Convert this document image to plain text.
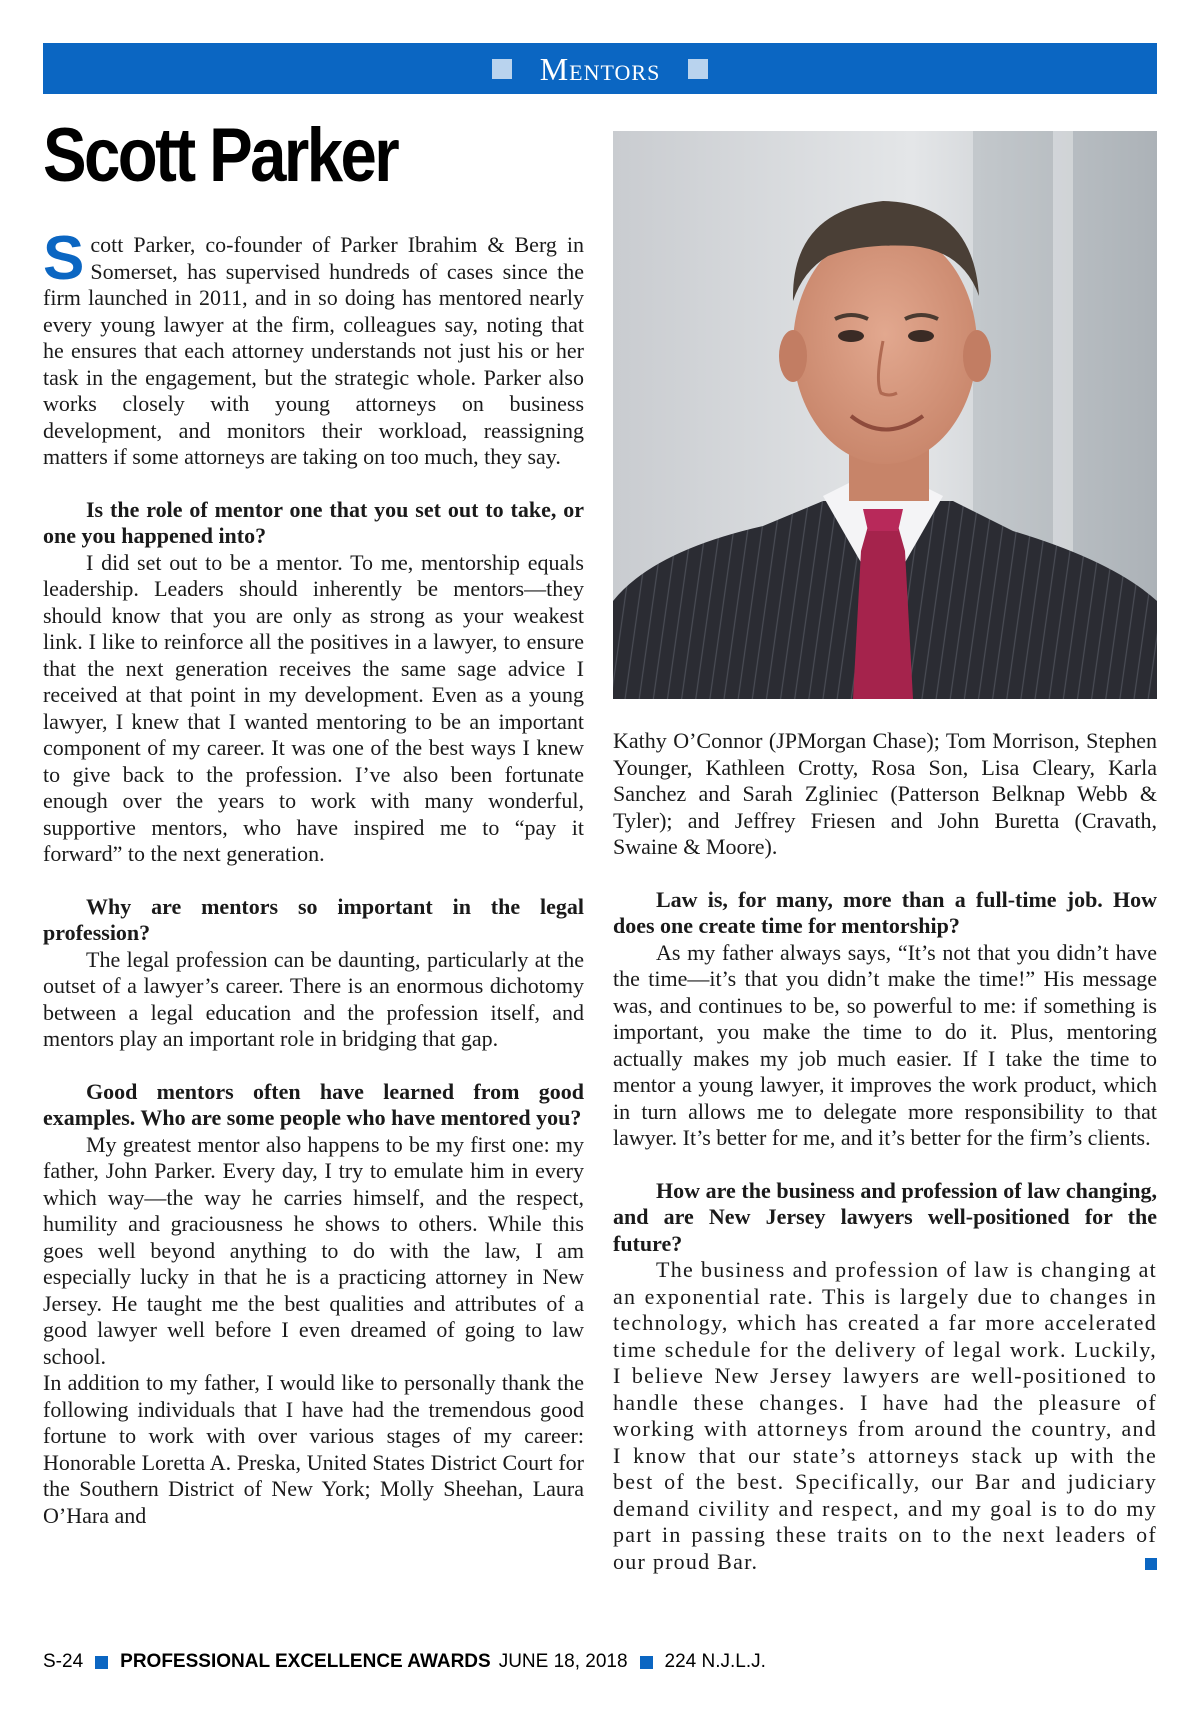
Mentors
Scott Parker

Scott Parker, co-founder of Parker Ibrahim & Berg in Somerset, has supervised hundreds of cases since the firm launched in 2011, and in so doing has mentored nearly every young lawyer at the firm, colleagues say, noting that he ensures that each attorney understands not just his or her task in the engagement, but the strategic whole. Parker also works closely with young attorneys on business development, and monitors their workload, reassigning matters if some attorneys are taking on too much, they say.

Is the role of mentor one that you set out to take, or one you happened into?

I did set out to be a mentor. To me, mentorship equals leadership. Leaders should inherently be mentors—they should know that you are only as strong as your weakest link. I like to reinforce all the positives in a lawyer, to ensure that the next generation receives the same sage advice I received at that point in my development. Even as a young lawyer, I knew that I wanted mentoring to be an important component of my career. It was one of the best ways I knew to give back to the profession. I’ve also been fortunate enough over the years to work with many wonderful, supportive mentors, who have inspired me to “pay it forward” to the next generation.

Why are mentors so important in the legal profession?

The legal profession can be daunting, particularly at the outset of a lawyer’s career. There is an enormous dichotomy between a legal education and the profession itself, and mentors play an important role in bridging that gap.

Good mentors often have learned from good examples. Who are some people who have mentored you?

My greatest mentor also happens to be my first one: my father, John Parker. Every day, I try to emulate him in every which way—the way he carries himself, and the respect, humility and graciousness he shows to others. While this goes well beyond anything to do with the law, I am especially lucky in that he is a practicing attorney in New Jersey. He taught me the best qualities and attributes of a good lawyer well before I even dreamed of going to law school.

In addition to my father, I would like to personally thank the following individuals that I have had the tremendous good fortune to work with over various stages of my career: Honorable Loretta A. Preska, United States District Court for the Southern District of New York; Molly Sheehan, Laura O’Hara and

Kathy O’Connor (JPMorgan Chase); Tom Morrison, Stephen Younger, Kathleen Crotty, Rosa Son, Lisa Cleary, Karla Sanchez and Sarah Zgliniec (Patterson Belknap Webb & Tyler); and Jeffrey Friesen and John Buretta (Cravath, Swaine & Moore).

Law is, for many, more than a full-time job. How does one create time for mentorship?

As my father always says, “It’s not that you didn’t have the time—it’s that you didn’t make the time!” His message was, and continues to be, so powerful to me: if something is important, you make the time to do it. Plus, mentoring actually makes my job much easier. If I take the time to mentor a young lawyer, it improves the work product, which in turn allows me to delegate more responsibility to that lawyer. It’s better for me, and it’s better for the firm’s clients.

How are the business and profession of law changing, and are New Jersey lawyers well-positioned for the future?

The business and profession of law is changing at an exponential rate. This is largely due to changes in technology, which has created a far more accelerated time schedule for the delivery of legal work. Luckily, I believe New Jersey lawyers are well-positioned to handle these changes. I have had the pleasure of working with attorneys from around the country, and I know that our state’s attorneys stack up with the best of the best. Specifically, our Bar and judiciary demand civility and respect, and my goal is to do my part in passing these traits on to the next leaders of our proud Bar.

S-24 PROFESSIONAL EXCELLENCE AWARDS JUNE 18, 2018 224 N.J.L.J.
